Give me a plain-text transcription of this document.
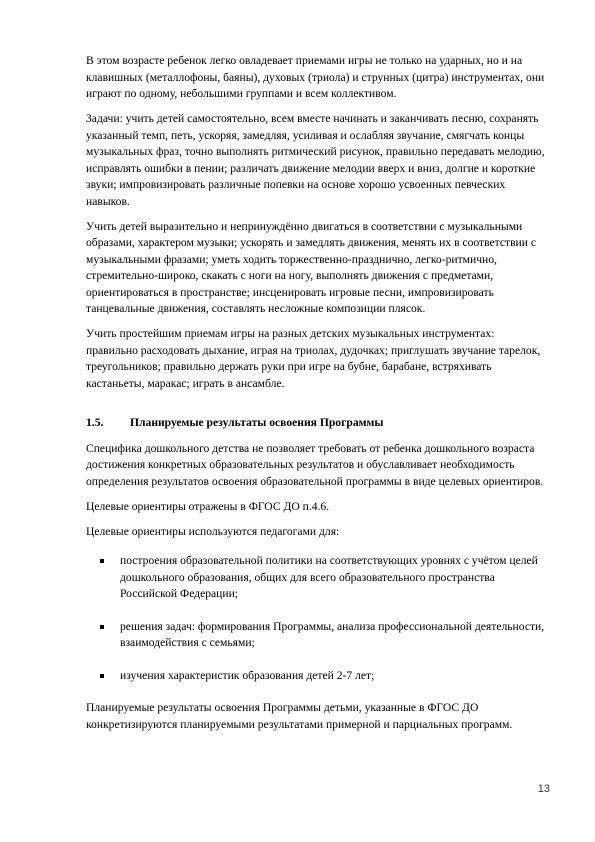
В этом возрасте ребенок легко овладевает приемами игры не только на ударных, но и на клавишных (металлофоны, баяны), духовых (триола) и струнных (цитра) инструментах, они играют по одному, небольшими группами и всем коллективом.

Задачи: учить детей самостоятельно, всем вместе начинать и заканчивать песню, сохранять указанный темп, петь, ускоряя, замедляя, усиливая и ослабляя звучание, смягчать концы музыкальных фраз, точно выполнять ритмический рисунок, правильно передавать мелодию, исправлять ошибки в пении; различать движение мелодии вверх и вниз, долгие и короткие звуки; импровизировать различные попевки на основе хорошо усвоенных певческих навыков.

Учить детей выразительно и непринуждённо двигаться в соответствии с музыкальными образами, характером музыки; ускорять и замедлять движения, менять их в соответствии с музыкальными фразами; уметь ходить торжественно-празднично, легко-ритмично, стремительно-широко, скакать с ноги на ногу, выполнять движения с предметами, ориентироваться в пространстве; инсценировать игровые песни, импровизировать танцевальные движения, составлять несложные композиции плясок.

Учить простейшим приемам игры на разных детских музыкальных инструментах: правильно расходовать дыхание, играя на триолах, дудочках; приглушать звучание тарелок, треугольников; правильно держать руки при игре на бубне, барабане, встряхивать кастаньеты, маракас; играть в ансамбле.

1.5.	Планируемые результаты освоения Программы

Специфика дошкольного детства не позволяет требовать от ребенка дошкольного возраста достижения конкретных образовательных результатов и обуславливает необходимость определения результатов освоения образовательной программы в виде целевых ориентиров.

Целевые ориентиры отражены в ФГОС ДО п.4.6.

Целевые ориентиры используются педагогами для:

построения образовательной политики на соответствующих уровнях с учётом целей дошкольного образования, общих для всего образовательного пространства Российской Федерации;
решения задач: формирования Программы, анализа профессиональной деятельности, взаимодействия с семьями;
изучения характеристик образования детей 2-7 лет;

Планируемые результаты освоения Программы детьми, указанные в ФГОС ДО конкретизируются планируемыми результатами примерной и парциальных программ.

13
